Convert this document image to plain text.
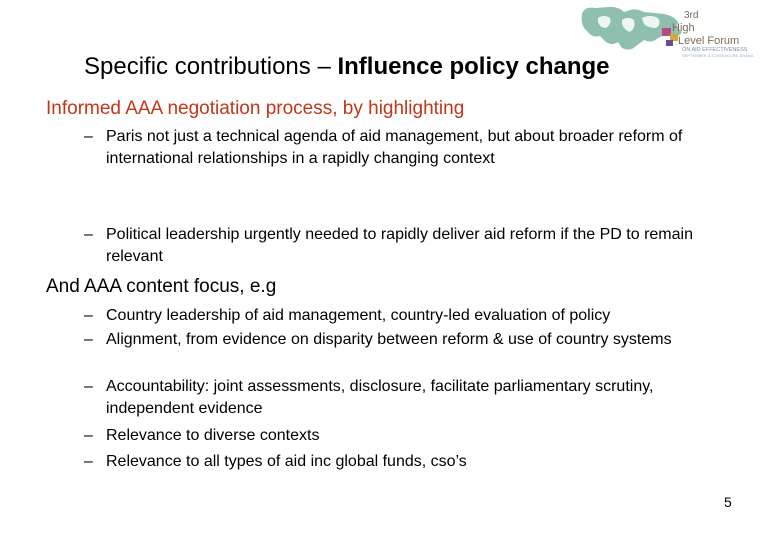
3rd
High
Level Forum
ON AID EFFECTIVENESS
SEPTEMBER 2-4 2008 ACCRA GHANA
Specific contributions – Influence policy change
Informed AAA negotiation process, by highlighting
– Paris not just a technical agenda of aid management, but about broader reform of international relationships in a rapidly changing context
– Political leadership urgently needed to rapidly deliver aid reform if the PD to remain relevant
And AAA content focus, e.g
– Country leadership of aid management, country-led evaluation of policy
– Alignment, from evidence on disparity between reform & use of country systems
– Accountability: joint assessments, disclosure, facilitate parliamentary scrutiny, independent evidence
– Relevance to diverse contexts
– Relevance to all types of aid inc global funds, cso’s
5
